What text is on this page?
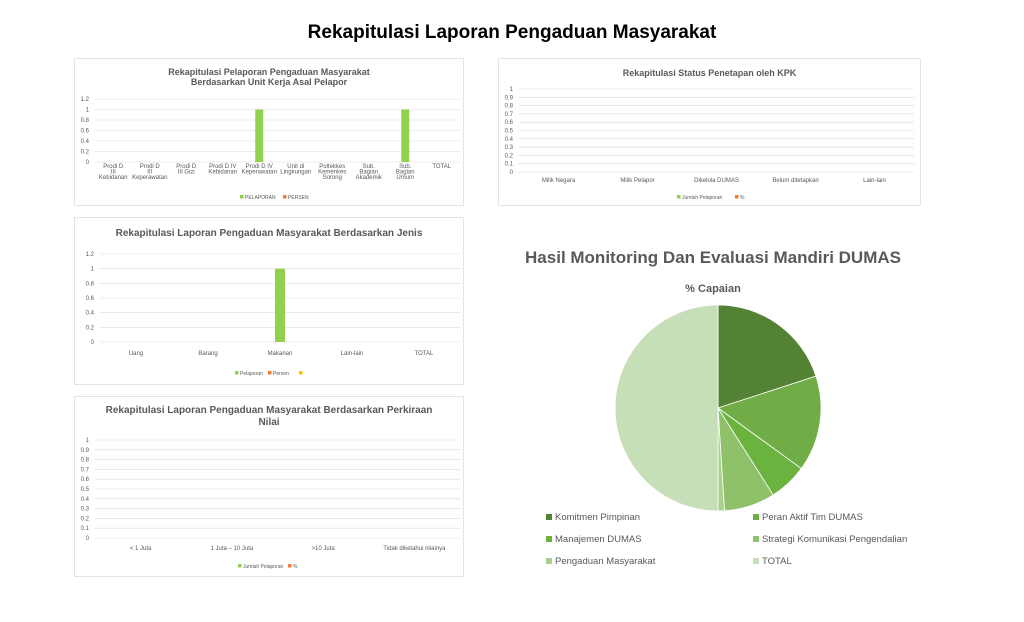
Rekapitulasi Laporan Pengaduan Masyarakat
Rekapitulasi Pelaporan Pengaduan Masyarakat Berdasarkan Unit Kerja Asal Pelapor
0
0.2
0.4
0.6
0.8
1
1.2
Prodi D
III
Kebidanan
Prodi D
III
Keperawatan
Prodi D
III Gizi
Prodi D IV
Kebidanan
Prodi D IV
Keperawatan
Unit di
Lingkungan
Poltekkes
Kemenkes
Sorong
Sub.
Bagian
Akademik
Sub.
Bagian
Umum
TOTAL
PELAPORAN PERSEN
Rekapitulasi Laporan Pengaduan Masyarakat Berdasarkan Jenis
0
0.2
0.4
0.6
0.8
1
1.2
Uang	Barang	Makanan	Lain-lain	TOTAL
Pelaporan Persen
Rekapitulasi Laporan Pengaduan Masyarakat Berdasarkan Perkiraan Nilai
0
0.1
0.2
0.3
0.4
0.5
0.6
0.7
0.8
0.9
1
< 1 Juta	1 Juta – 10 Juta	>10 Juta	Tidak diketahui nilainya
Jumlah Pelaporan %
Rekapitulasi Status Penetapan oleh KPK
0
0.1
0.2
0.3
0.4
0.5
0.6
0.7
0.8
0.9
1
Milik Negara	Milik Pelapor	Dikelola DUMAS	Belum ditetapkan	Lain-lain
Jumlah Pelaporan	%
Hasil Monitoring Dan Evaluasi Mandiri DUMAS
% Capaian
Komitmen Pimpinan	Peran Aktif Tim DUMAS
Manajemen DUMAS	Strategi Komunikasi Pengendalian
Pengaduan Masyarakat	TOTAL
